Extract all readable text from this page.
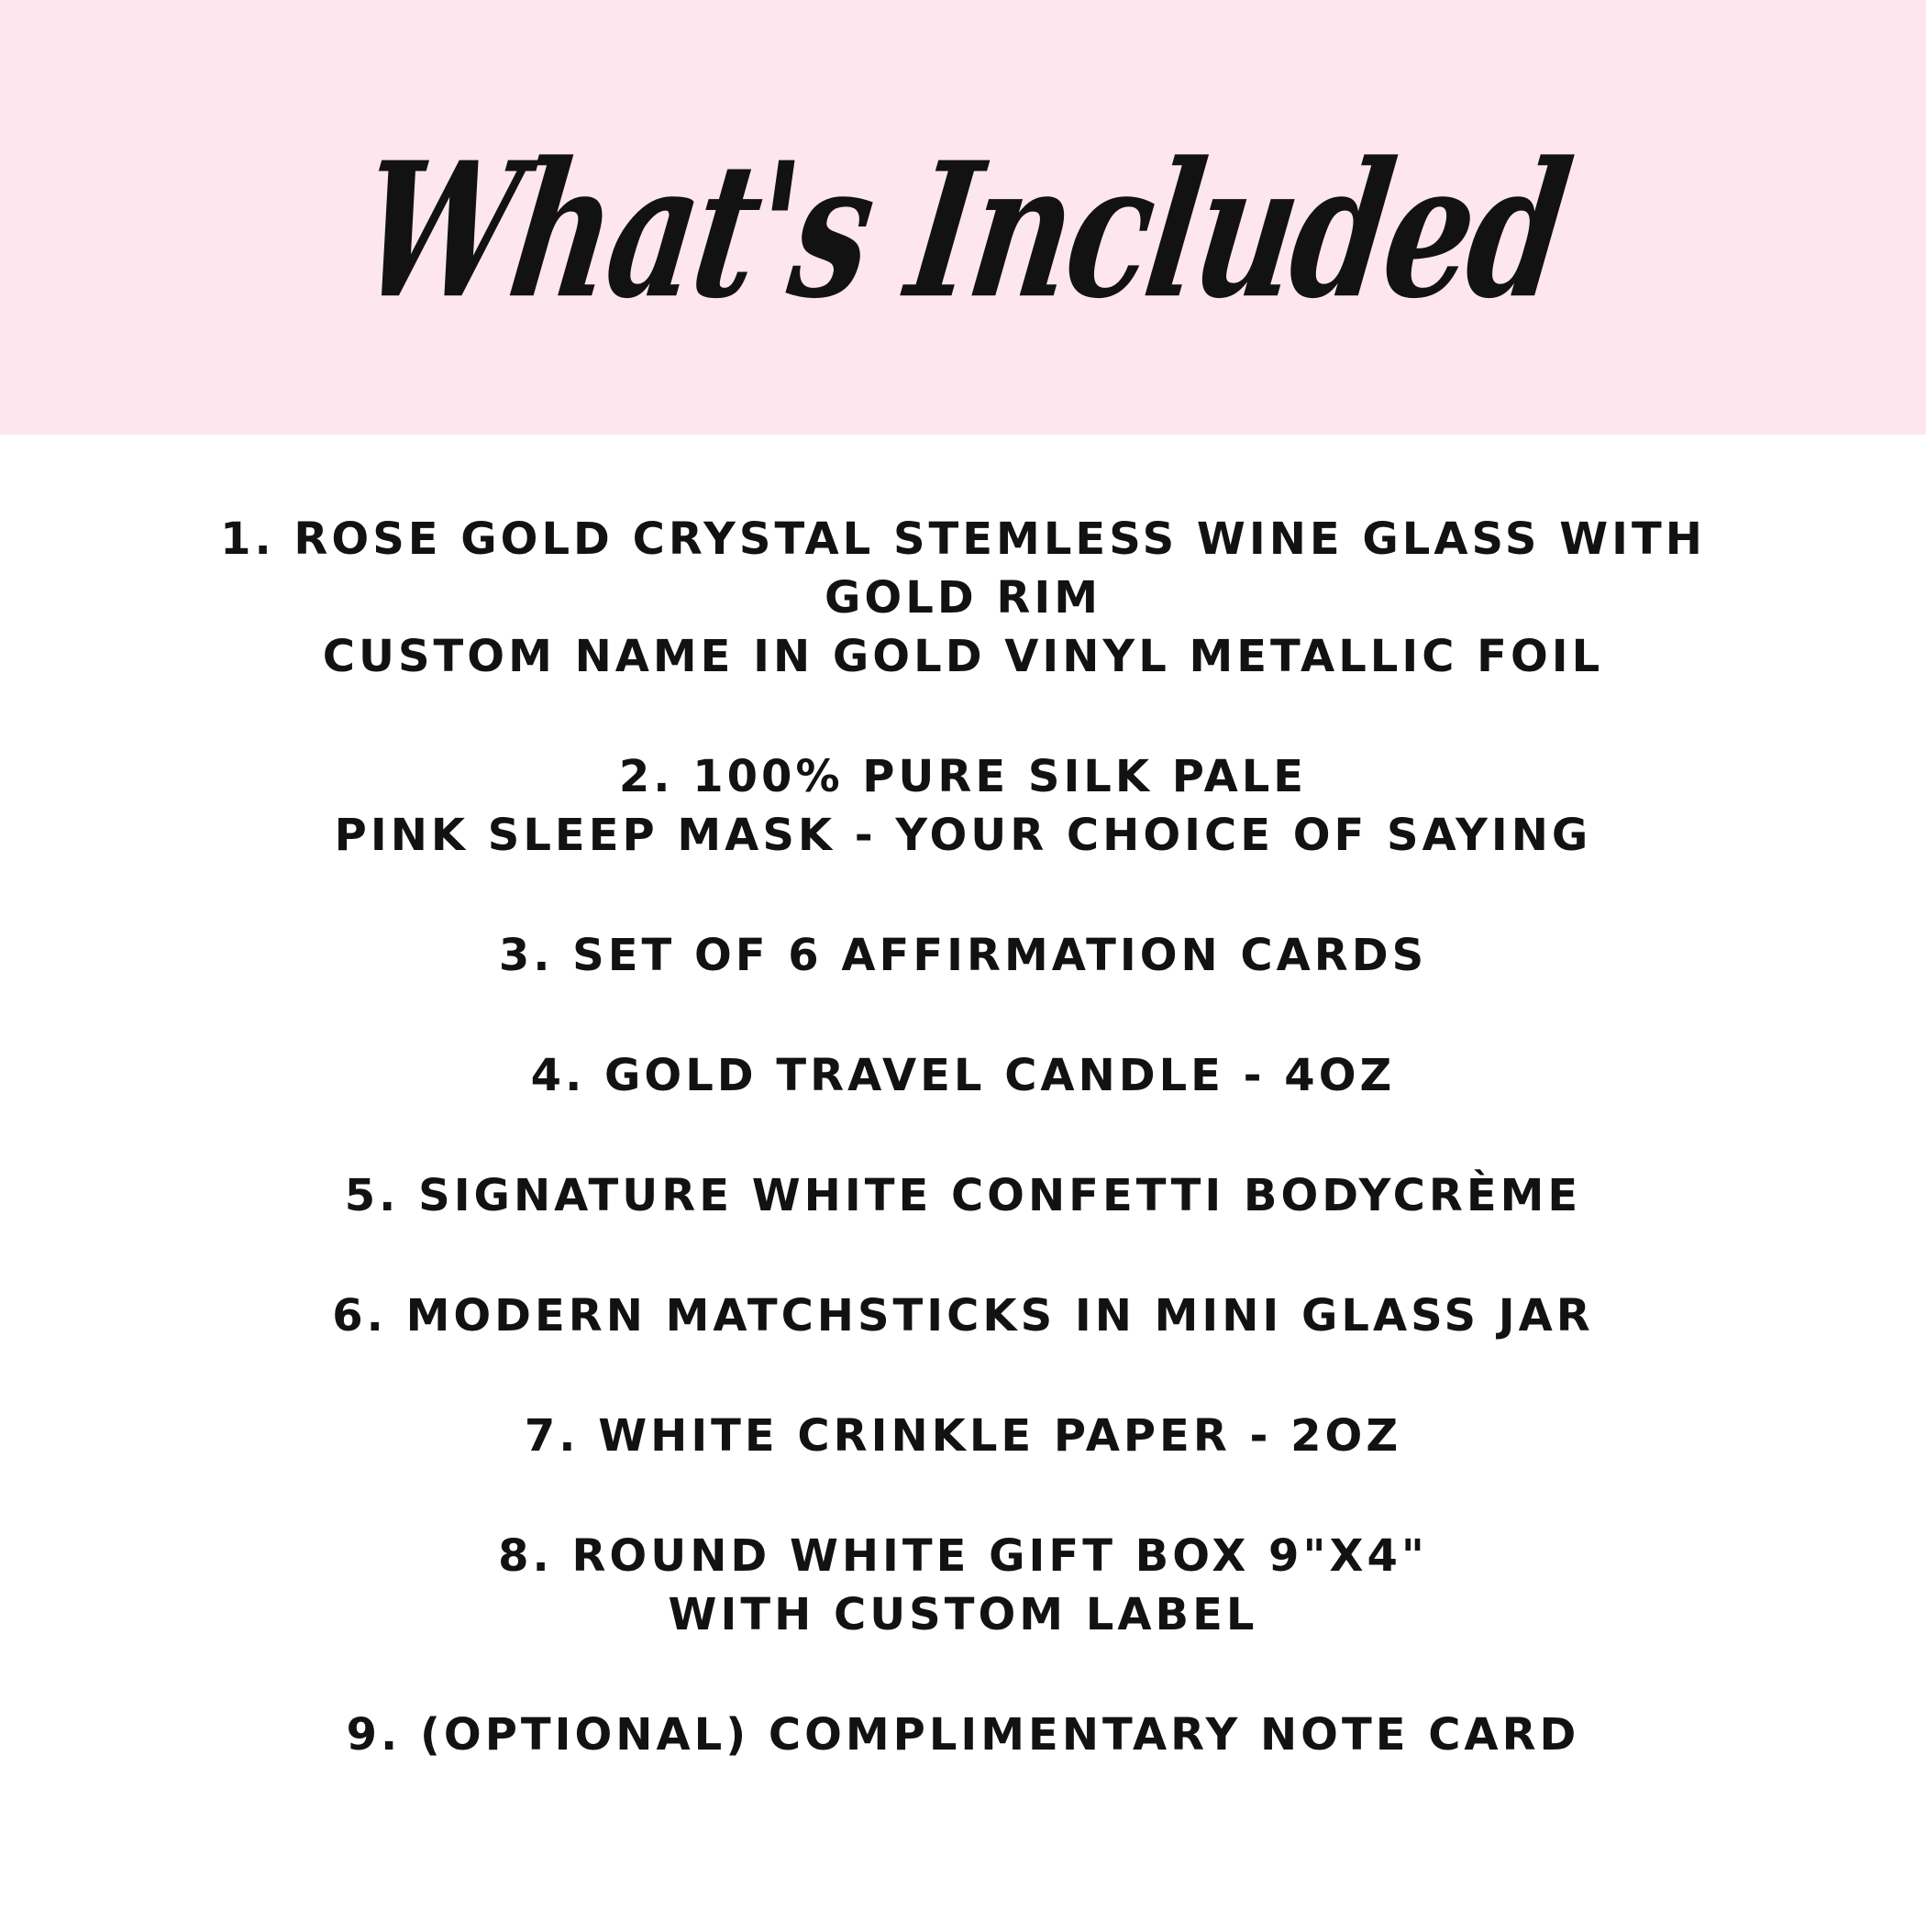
What's Included
1. ROSE GOLD CRYSTAL STEMLESS WINE GLASS WITH
GOLD RIM
CUSTOM NAME IN GOLD VINYL METALLIC FOIL
2. 100% PURE SILK PALE
PINK SLEEP MASK - YOUR CHOICE OF SAYING
3. SET OF 6 AFFIRMATION CARDS
4. GOLD TRAVEL CANDLE - 4OZ
5. SIGNATURE WHITE CONFETTI BODYCRÈME
6. MODERN MATCHSTICKS IN MINI GLASS JAR
7. WHITE CRINKLE PAPER - 2OZ
8. ROUND WHITE GIFT BOX 9"X4"
WITH CUSTOM LABEL
9. (OPTIONAL) COMPLIMENTARY NOTE CARD
